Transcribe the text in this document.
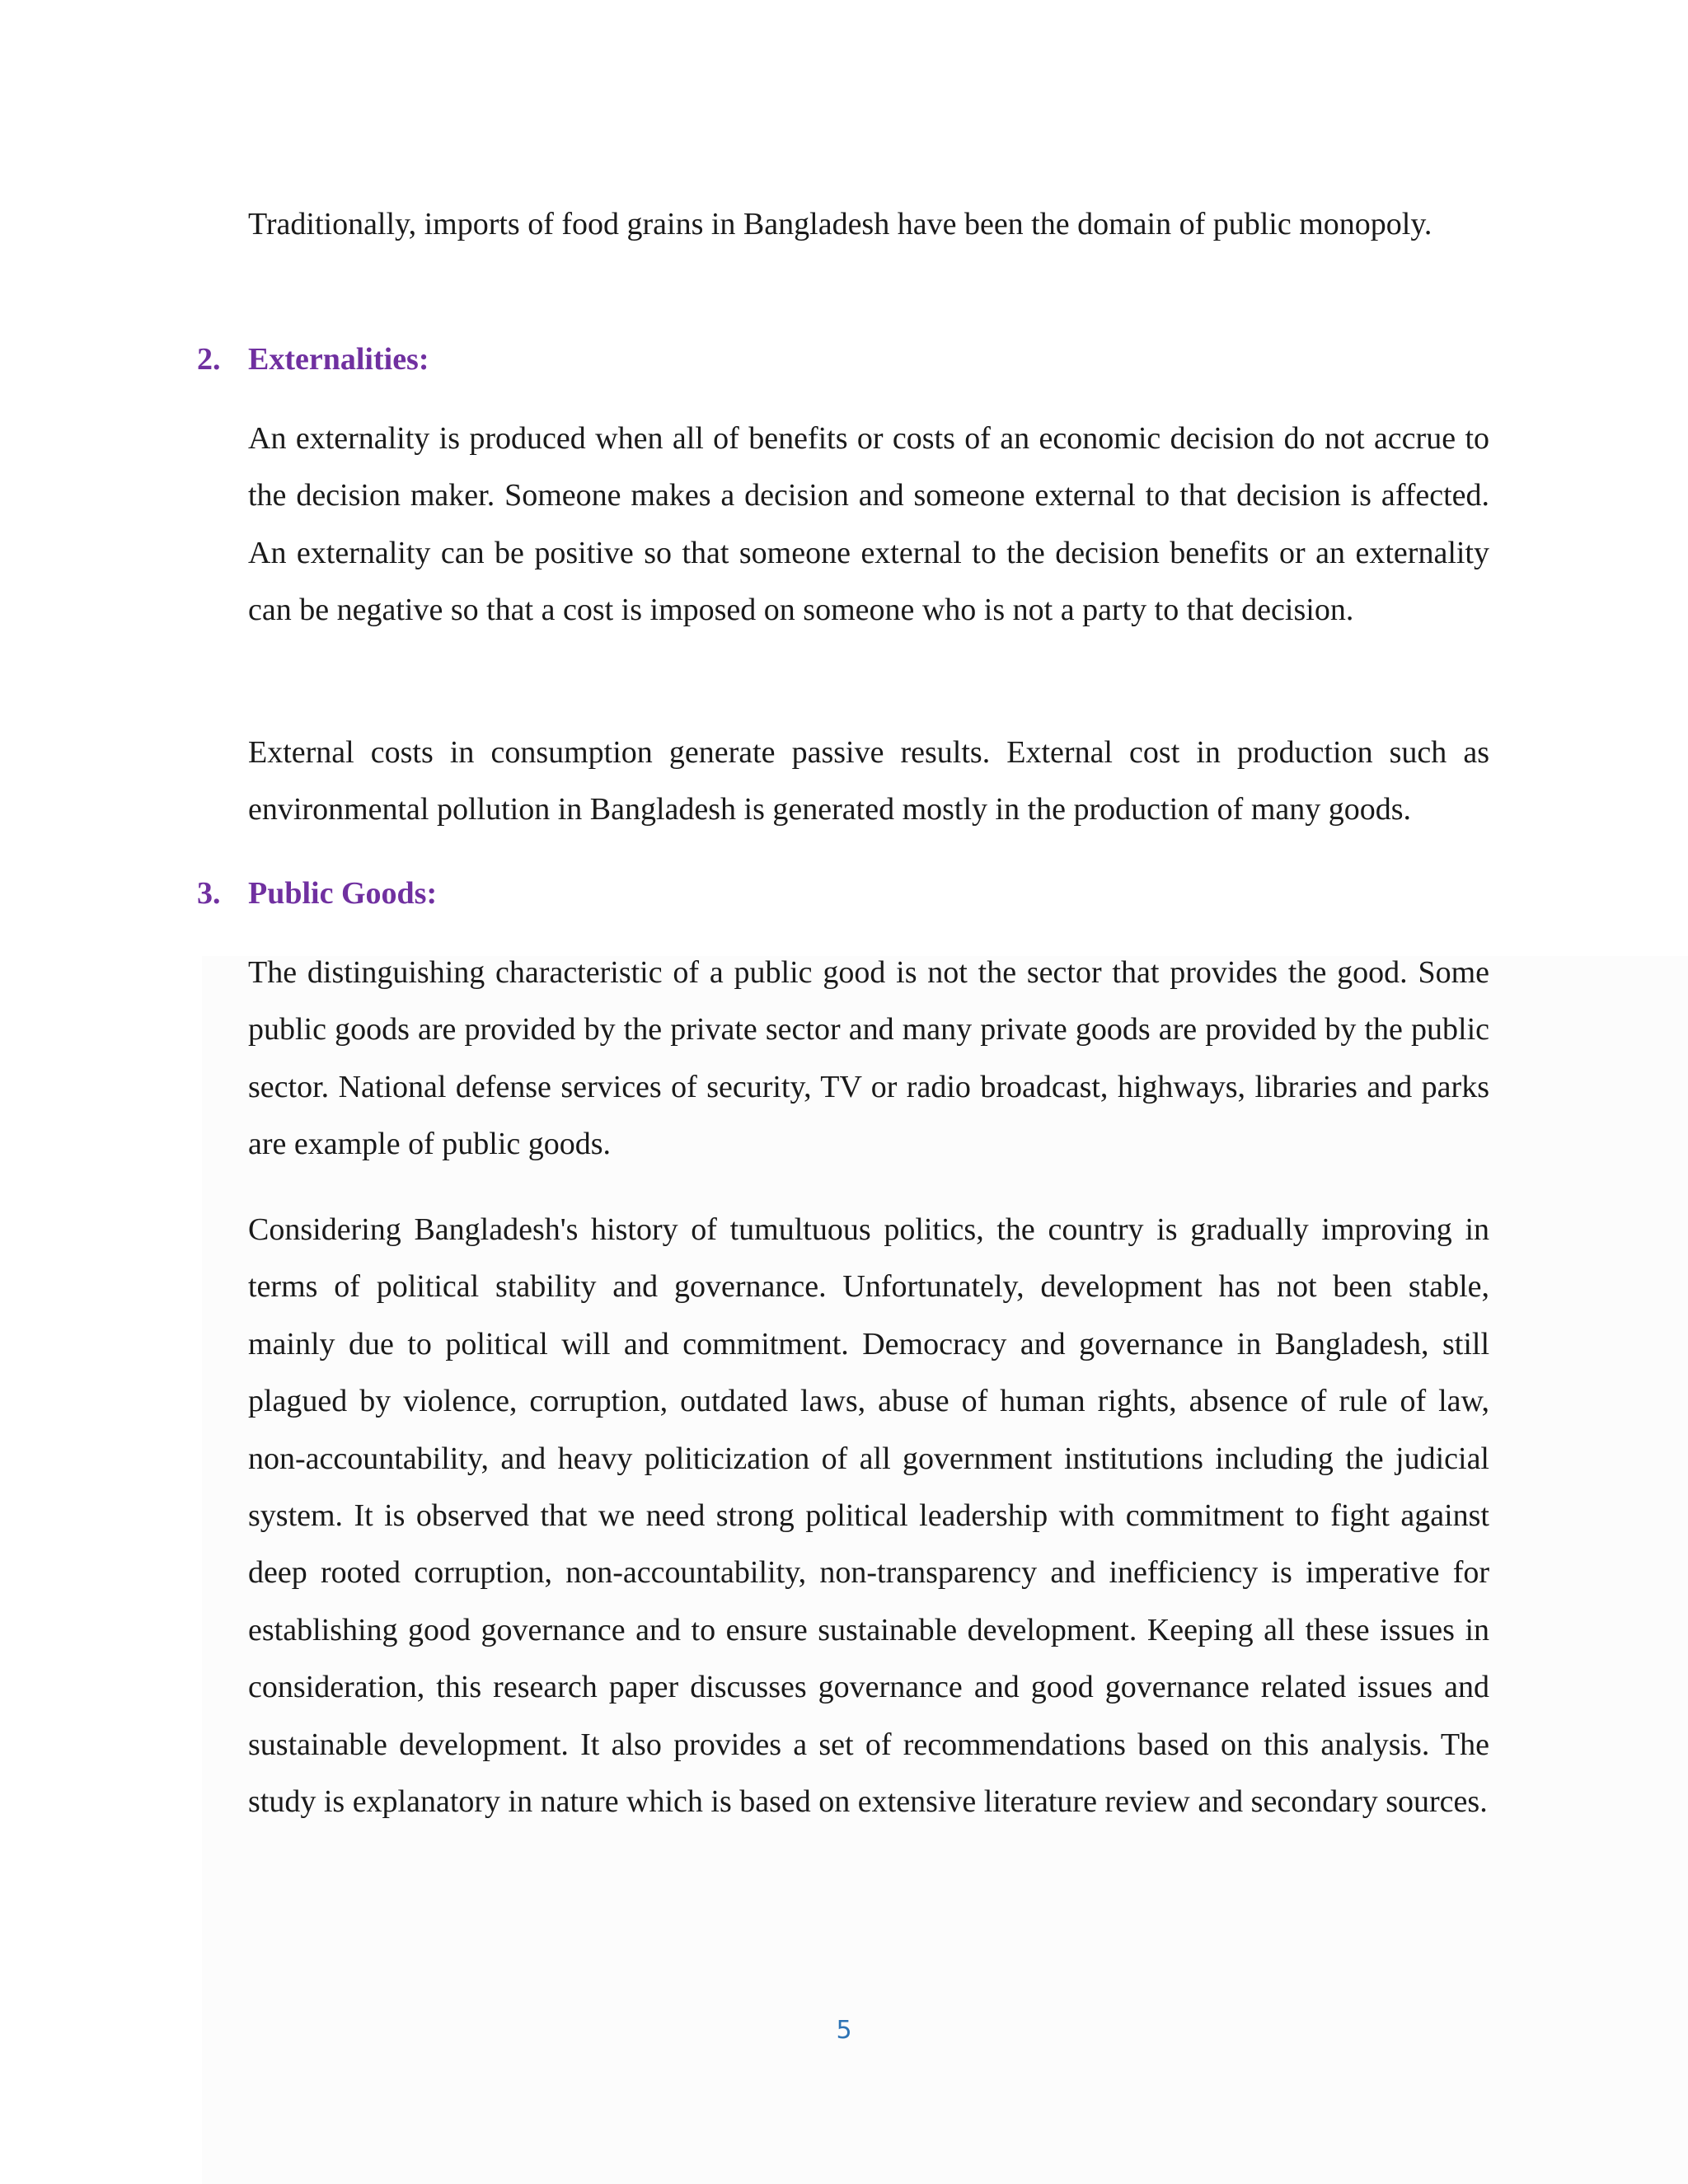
Traditionally, imports of food grains in Bangladesh have been the domain of public monopoly.

2. Externalities:

An externality is produced when all of benefits or costs of an economic decision do not accrue to the decision maker. Someone makes a decision and someone external to that decision is affected. An externality can be positive so that someone external to the decision benefits or an externality can be negative so that a cost is imposed on someone who is not a party to that decision.

External costs in consumption generate passive results. External cost in production such as environmental pollution in Bangladesh is generated mostly in the production of many goods.

3. Public Goods:

The distinguishing characteristic of a public good is not the sector that provides the good. Some public goods are provided by the private sector and many private goods are provided by the public sector. National defense services of security, TV or radio broadcast, highways, libraries and parks are example of public goods.

Considering Bangladesh's history of tumultuous politics, the country is gradually improving in terms of political stability and governance. Unfortunately, development has not been stable, mainly due to political will and commitment. Democracy and governance in Bangladesh, still plagued by violence, corruption, outdated laws, abuse of human rights, absence of rule of law, non-accountability, and heavy politicization of all government institutions including the judicial system. It is observed that we need strong political leadership with commitment to fight against deep rooted corruption, non-accountability, non-transparency and inefficiency is imperative for establishing good governance and to ensure sustainable development. Keeping all these issues in consideration, this research paper discusses governance and good governance related issues and sustainable development. It also provides a set of recommendations based on this analysis. The study is explanatory in nature which is based on extensive literature review and secondary sources.

5
